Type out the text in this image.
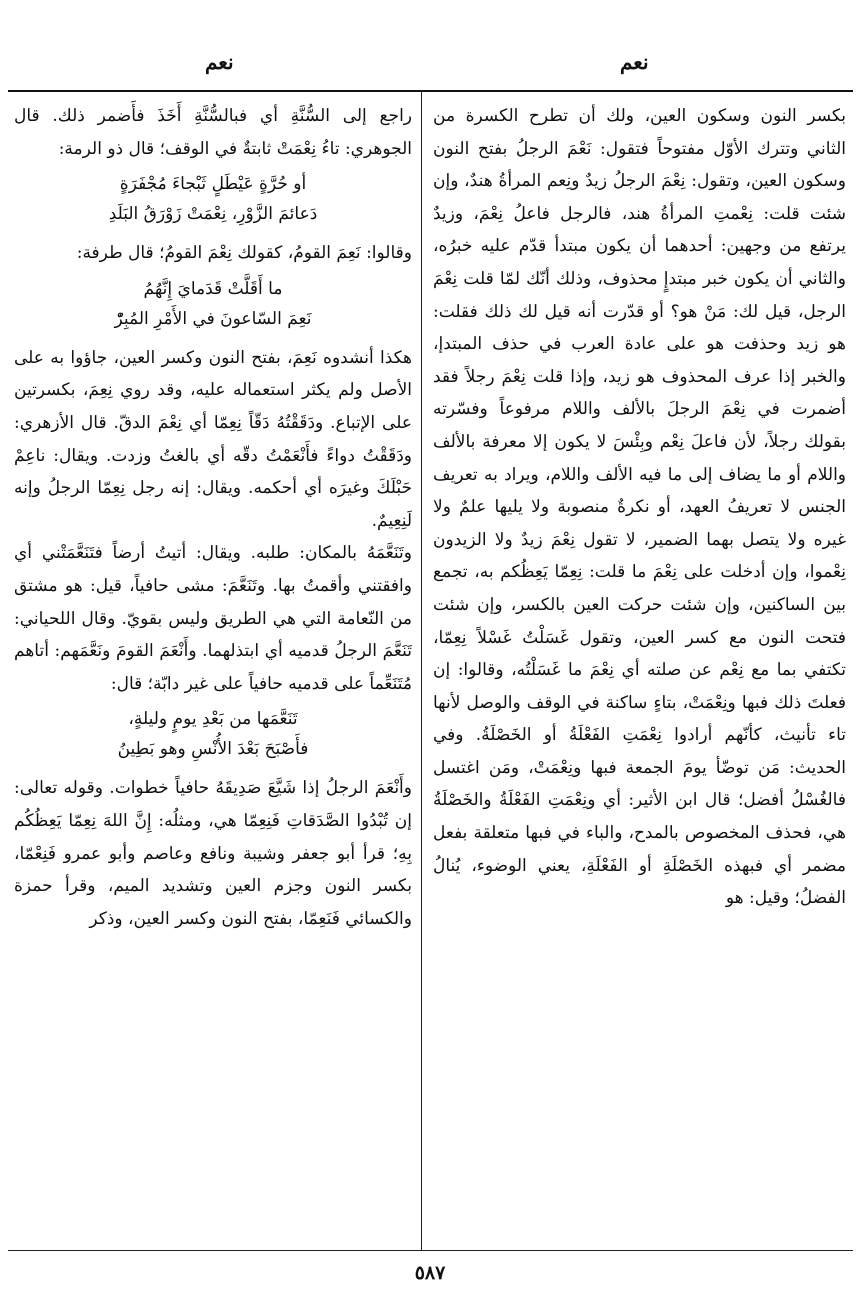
نعم	نعم

بكسر النون وسكون العين، ولك أن تطرح الكسرة من الثاني وتترك الأوّل مفتوحاً فتقول: نَعْمَ الرجلُ بفتح النون وسكون العين، وتقول: نِعْمَ الرجلُ زيدٌ ونِعم المرأةُ هندٌ، وإن شئت قلت: نِعْمتِ المرأةُ هند، فالرجل فاعلُ نِعْمَ، وزيدٌ يرتفع من وجهين: أحدهما أن يكون مبتدأ قدّم عليه خبرُه، والثاني أن يكون خبر مبتدإٍ محذوف، وذلك أنّك لمّا قلت نِعْمَ الرجل، قيل لك: مَنْ هو؟ أو قدّرت أنه قيل لك ذلك فقلت: هو زيد وحذفت هو على عادة العرب في حذف المبتدإ، والخبر إذا عرف المحذوف هو زيد، وإذا قلت نِعْمَ رجلاً فقد أضمرت في نِعْمَ الرجلَ بالألف واللام مرفوعاً وفسّرته بقولك رجلاً، لأن فاعلَ نِعْم وبِئْسَ لا يكون إلا معرفة بالألف واللام أو ما يضاف إلى ما فيه الألف واللام، ويراد به تعريف الجنس لا تعريفُ العهد، أو نكرةٌ منصوبة ولا يليها علمٌ ولا غيره ولا يتصل بهما الضمير، لا تقول نِعْمَ زيدٌ ولا الزيدون نِعْموا، وإن أدخلت على نِعْمَ ما قلت: نِعِمّا يَعِظُكم به، تجمع بين الساكنين، وإن شئت حركت العين بالكسر، وإن شئت فتحت النون مع كسر العين، وتقول غَسَلْتُ غَسْلاً نِعِمّا، تكتفي بما مع نِعْم عن صلته أي نِعْمَ ما غَسَلْتُه، وقالوا: إن فعلتَ ذلك فبها ونِعْمَتْ، بتاءٍ ساكنة في الوقف والوصل لأنها تاء تأنيث، كأنّهم أرادوا نِعْمَتِ الفَعْلَةُ أو الخَصْلَةُ. وفي الحديث: مَن توضّأ يومَ الجمعة فبها ونِعْمَتْ، ومَن اغتسل فالغُسْلُ أفضل؛ قال ابن الأثير: أي ونِعْمَتِ الفَعْلَةُ والخَصْلَةُ هي، فحذف المخصوص بالمدح، والباء في فبها متعلقة بفعل مضمر أي فبهذه الخَصْلَةِ أو الفَعْلَةِ، يعني الوضوء، يُنالُ الفضلُ؛ وقيل: هو

راجع إلى السُّنَّةِ أي فبالسُّنَّةِ أَخَذَ فأَضمر ذلك. قال الجوهري: تاءُ نِعْمَتْ ثابتةٌ في الوقف؛ قال ذو الرمة:

أو حُرَّةٍ عَيْطَلٍ ثَبْجاءَ مُجْفَرَةٍ
دَعائمَ الزَّوْرِ، نِعْمَتْ زَوْرَقُ البَلَدِ

وقالوا: نَعِمَ القومُ، كقولك نِعْمَ القومُ؛ قال طرفة:

ما أَقَلَّتْ قَدَمايَ إِنَّهُمُ
نَعِمَ السّاعونَ في الأَمْرِ المُبِرّْ

هكذا أنشدوه نَعِمَ، بفتح النون وكسر العين، جاؤوا به على الأصل ولم يكثر استعماله عليه، وقد روي نِعِمَ، بكسرتين على الإتباع. ودَقَقْتُهُ دَقّاً نِعِمّا أي نِعْمَ الدقّ. قال الأزهري: ودَقَقْتُ دواءً فأَنْعَمْتُ دقّه أي بالغتُ وزدت. ويقال: ناعِمْ حَبْلَكَ وغيرَه أي أحكمه. ويقال: إنه رجل نِعِمّا الرجلُ وإنه لَنِعِيمٌ.

وتَنَعَّمَهُ بالمكان: طلبه. ويقال: أتيتُ أرضاً فتَنَعَّمَتْني أي وافقتني وأقمتُ بها. وتَنَعَّمَ: مشى حافياً، قيل: هو مشتق من النّعامة التي هي الطريق وليس بقويّ. وقال اللحياني: تَنَعَّمَ الرجلُ قدميه أي ابتذلهما. وأَنْعَمَ القومَ ونَعَّمَهم: أتاهم مُتَنَعِّماً على قدميه حافياً على غير دابّة؛ قال:

تَنَعَّمَها من بَعْدِ يومٍ وليلةٍ،
فأَصْبَحَ بَعْدَ الأُنْسِ وهو بَطِينُ

وأَنْعَمَ الرجلُ إذا شَيَّعَ صَدِيقَهُ حافياً خطوات. وقوله تعالى: إن تُبْدُوا الصَّدَقاتِ فَنِعِمّا هي، ومثلُه: إِنَّ اللهَ نِعِمّا يَعِظُكُم بِهِ؛ قرأ أبو جعفر وشيبة ونافع وعاصم وأبو عمرو فَنِعْمّا، بكسر النون وجزم العين وتشديد الميم، وقرأ حمزة والكسائي فَنَعِمّا، بفتح النون وكسر العين، وذكر

٥٨٧
